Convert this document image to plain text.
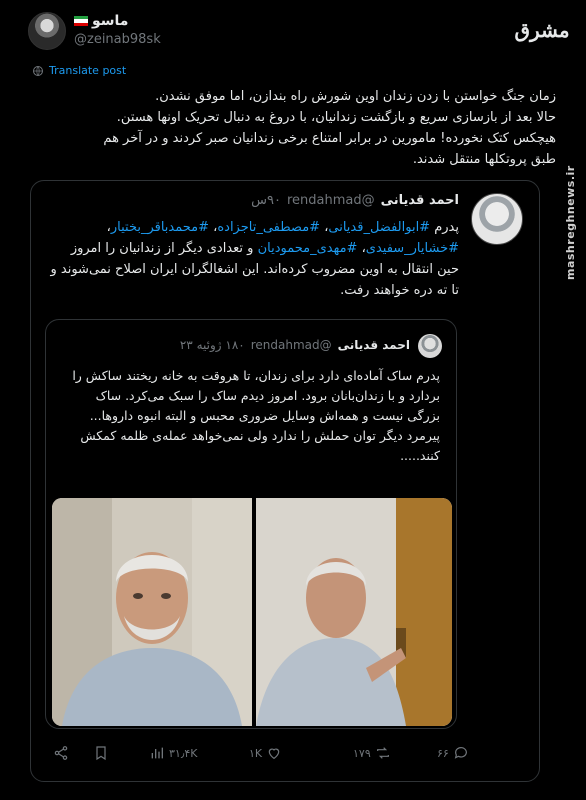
ماسو
@zeinab98sk	مشرق
mashreghnews.ir
Translate post
زمان جنگ خواستن با زدن زندان اوین شورش راه بندازن، اما موفق نشدن.
حالا بعد از بازسازی سریع و بازگشت زندانیان، با دروغ به دنبال تحریک اونها هستن.
هیچکس کتک نخورده! مامورین در برابر امتناع برخی زندانیان صبر کردند و در آخر هم
طبق پروتکلها منتقل شدند.
احمد قدیانی
@rendahmad
۹۰س
پدرم #ابوالفضل_قدیانی، #مصطفی_تاجزاده، #محمدباقر_بختیار، #خشایار_سفیدی، #مهدی_محمودیان و تعدادی دیگر از زندانیان را امروز حین انتقال به اوین مضروب کرده‌اند. این اشغالگران ایران اصلاح نمی‌شوند و تا ته دره خواهند رفت.
احمد قدیانی
@rendahmad
۱۸۰ ژوئیه ۲۳
پدرم ساک آماده‌ای دارد برای زندان، تا هروقت به خانه ریختند ساکش را بردارد و با زندان‌بانان برود. امروز دیدم ساک را سبک می‌کرد. ساک بزرگی نیست و همه‌اش وسایل ضروری محبس و البته انبوه داروها... پیرمرد دیگر توان حملش را ندارد ولی نمی‌خواهد عمله‌ی ظلمه کمکش کنند.....
۳۱٫۴K	۱K	۱۷۹	۶۶
